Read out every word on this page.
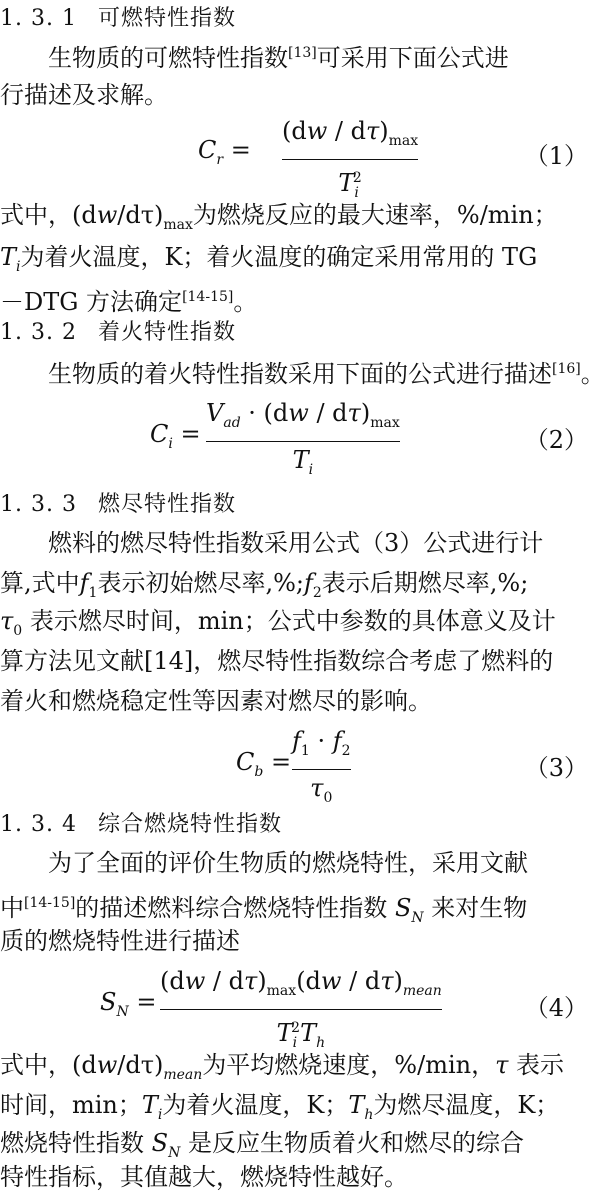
1. 3. 1 可燃特性指数
生物质的可燃特性指数[13]可采用下面公式进
行描述及求解。
$C_r$ =
$(dw / d\tau)_{max}$
$T_i^2$
（1）
式中，$(dw/d\tau)_{max}$为燃烧反应的最大速率，%/min；
$T_i$为着火温度，K；着火温度的确定采用常用的 TG
－DTG 方法确定[14-15]。
1. 3. 2 着火特性指数
生物质的着火特性指数采用下面的公式进行描述[16]。
$C_i$ =
$V_{ad} \cdot (dw / d\tau)_{max}$
$T_i$
（2）
1. 3. 3 燃尽特性指数
燃料的燃尽特性指数采用公式（3）公式进行计
算,式中$f_1$表示初始燃尽率$,\%;f_2$表示后期燃尽率,%;
$\tau_0$ 表示燃尽时间，min；公式中参数的具体意义及计
算方法见文献[14]，燃尽特性指数综合考虑了燃料的
着火和燃烧稳定性等因素对燃尽的影响。
$C_b$ =
$f_1 \cdot f_2$
$\tau_0$
（3）
1. 3. 4 综合燃烧特性指数
为了全面的评价生物质的燃烧特性，采用文献
中[14-15]的描述燃料综合燃烧特性指数 $S_N$ 来对生物
质的燃烧特性进行描述
$S_N$ =
$(dw / d\tau)_{max}(dw / d\tau)_{mean}$
$T_i^2T_h$
（4）
式中，$(dw/d\tau)_{mean}$为平均燃烧速度，%/min，τ 表示
时间，min；$T_i$为着火温度，K；$T_h$为燃尽温度，K；
燃烧特性指数 $S_N$ 是反应生物质着火和燃尽的综合
特性指标，其值越大，燃烧特性越好。
